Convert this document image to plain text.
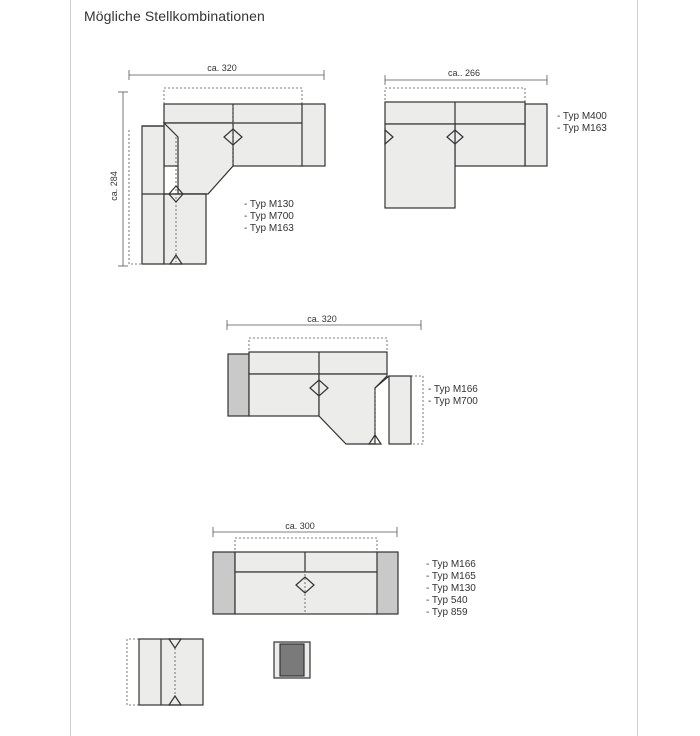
Mögliche Stellkombinationen
ca. 320
ca. 284
- Typ M130
- Typ M700
- Typ M163
ca.. 266
- Typ M400
- Typ M163
ca. 320
- Typ M166
- Typ M700
ca. 300
- Typ M166
- Typ M165
- Typ M130
- Typ 540
- Typ 859
